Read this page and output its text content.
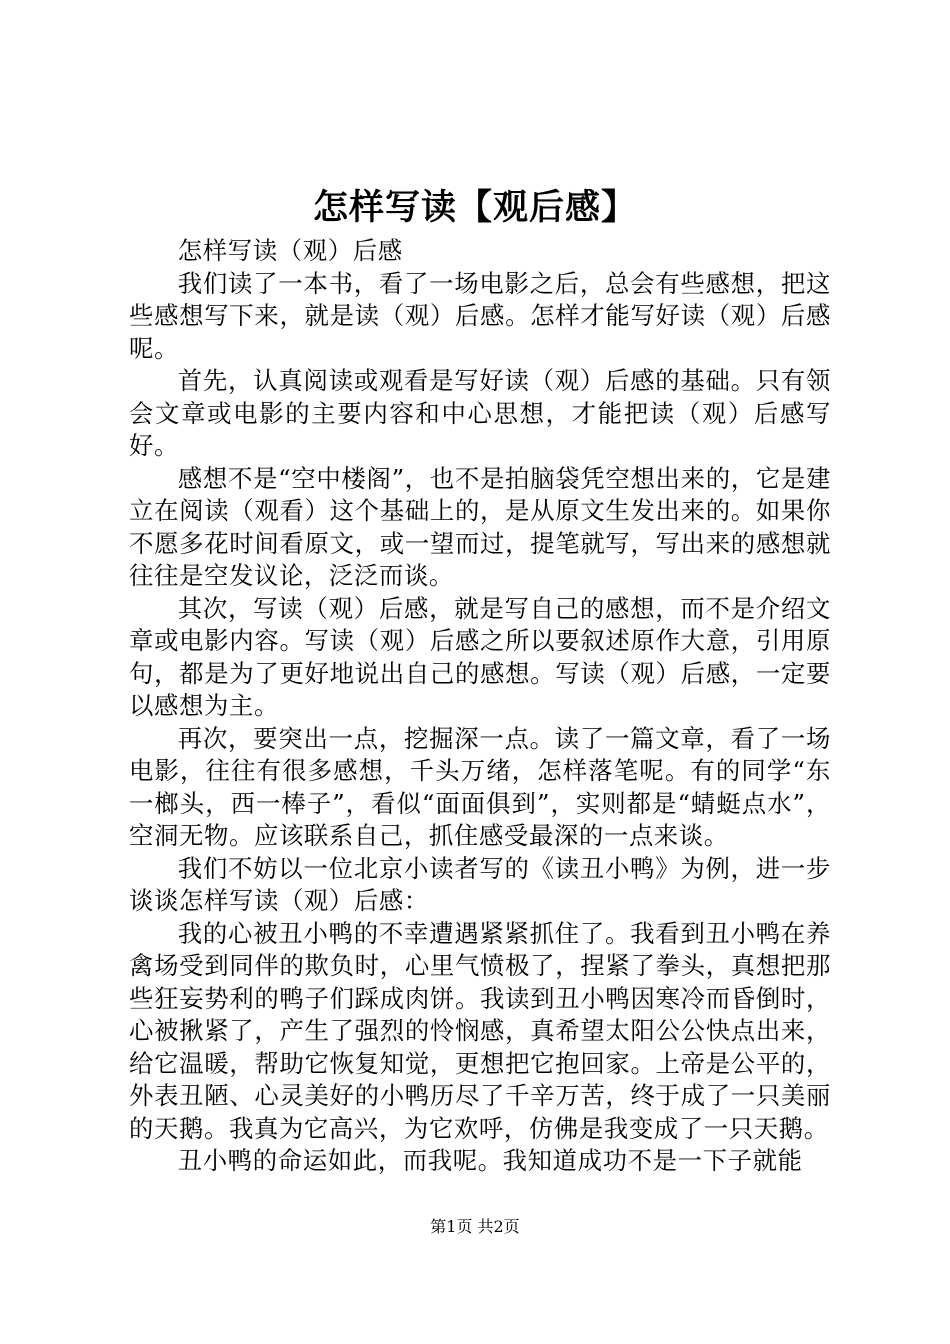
怎样写读【观后感】

怎样写读（观）后感

我们读了一本书，看了一场电影之后，总会有些感想，把这些感想写下来，就是读（观）后感。怎样才能写好读（观）后感呢。

首先，认真阅读或观看是写好读（观）后感的基础。只有领会文章或电影的主要内容和中心思想，才能把读（观）后感写好。

感想不是“空中楼阁”，也不是拍脑袋凭空想出来的，它是建立在阅读（观看）这个基础上的，是从原文生发出来的。如果你不愿多花时间看原文，或一望而过，提笔就写，写出来的感想就往往是空发议论，泛泛而谈。

其次，写读（观）后感，就是写自己的感想，而不是介绍文章或电影内容。写读（观）后感之所以要叙述原作大意，引用原句，都是为了更好地说出自己的感想。写读（观）后感，一定要以感想为主。

再次，要突出一点，挖掘深一点。读了一篇文章，看了一场电影，往往有很多感想，千头万绪，怎样落笔呢。有的同学“东一榔头，西一棒子”，看似“面面俱到”，实则都是“蜻蜓点水”，空洞无物。应该联系自己，抓住感受最深的一点来谈。

我们不妨以一位北京小读者写的《读丑小鸭》为例，进一步谈谈怎样写读（观）后感：

我的心被丑小鸭的不幸遭遇紧紧抓住了。我看到丑小鸭在养禽场受到同伴的欺负时，心里气愤极了，捏紧了拳头，真想把那些狂妄势利的鸭子们踩成肉饼。我读到丑小鸭因寒冷而昏倒时，心被揪紧了，产生了强烈的怜悯感，真希望太阳公公快点出来，给它温暖，帮助它恢复知觉，更想把它抱回家。上帝是公平的，外表丑陋、心灵美好的小鸭历尽了千辛万苦，终于成了一只美丽的天鹅。我真为它高兴，为它欢呼，仿佛是我变成了一只天鹅。

丑小鸭的命运如此，而我呢。我知道成功不是一下子就能

第1页 共2页
